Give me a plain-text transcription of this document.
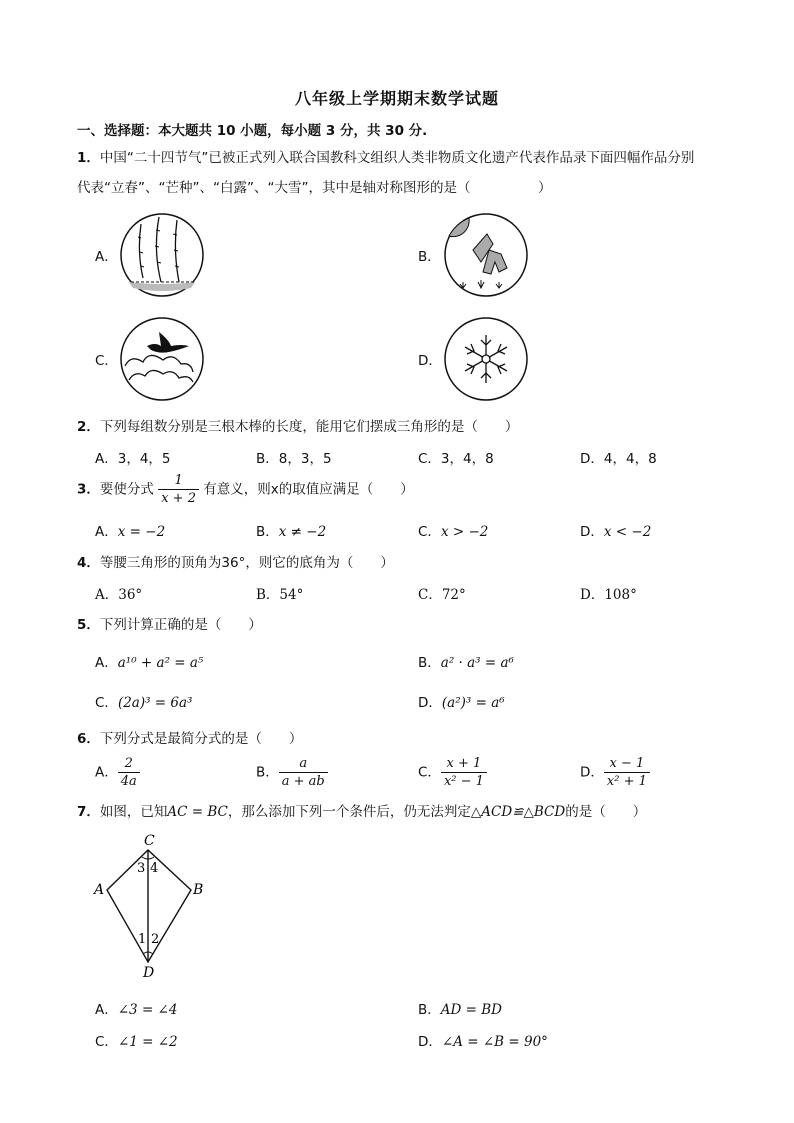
八年级上学期期末数学试题
一、选择题：本大题共 10 小题，每小题 3 分，共 30 分.
1．中国“二十四节气”已被正式列入联合国教科文组织人类非物质文化遗产代表作品录下面四幅作品分别
代表“立春”、“芒种”、“白露”、“大雪”，其中是轴对称图形的是（　　　　　）
A．	B．
C．	D．
2．下列每组数分别是三根木棒的长度，能用它们摆成三角形的是（　　）
A．3，4，5	B．8，3，5	C．3，4，8	D．4，4，8
3．要使分式 $\frac{1}{x + 2}$ 有意义，则x的取值应满足（　　）
A．x = −2	B．x ≠ −2	C．x > −2	D．x < −2
4．等腰三角形的顶角为36°，则它的底角为（　　）
A．36°	B．54°	C．72°	D．108°
5．下列计算正确的是（　　）
A．a¹⁰ + a² = a⁵	B．a² · a³ = a⁶
C．(2a)³ = 6a³	D．(a²)³ = a⁶
6．下列分式是最简分式的是（　　）
A． $\frac{2}{4a}$	B． $\frac{a}{a + ab}$	C． $\frac{x + 1}{\text{x² − 1}}$	D． $\frac{x - 1}{\text{x² + 1}}$
7．如图，已知AC = BC，那么添加下列一个条件后，仍无法判定△ACD≌△BCD的是（　　）
C
A	B
D
3 4
1 2
A．∠3 = ∠4	B．AD = BD
C．∠1 = ∠2	D．∠A = ∠B = 90°
